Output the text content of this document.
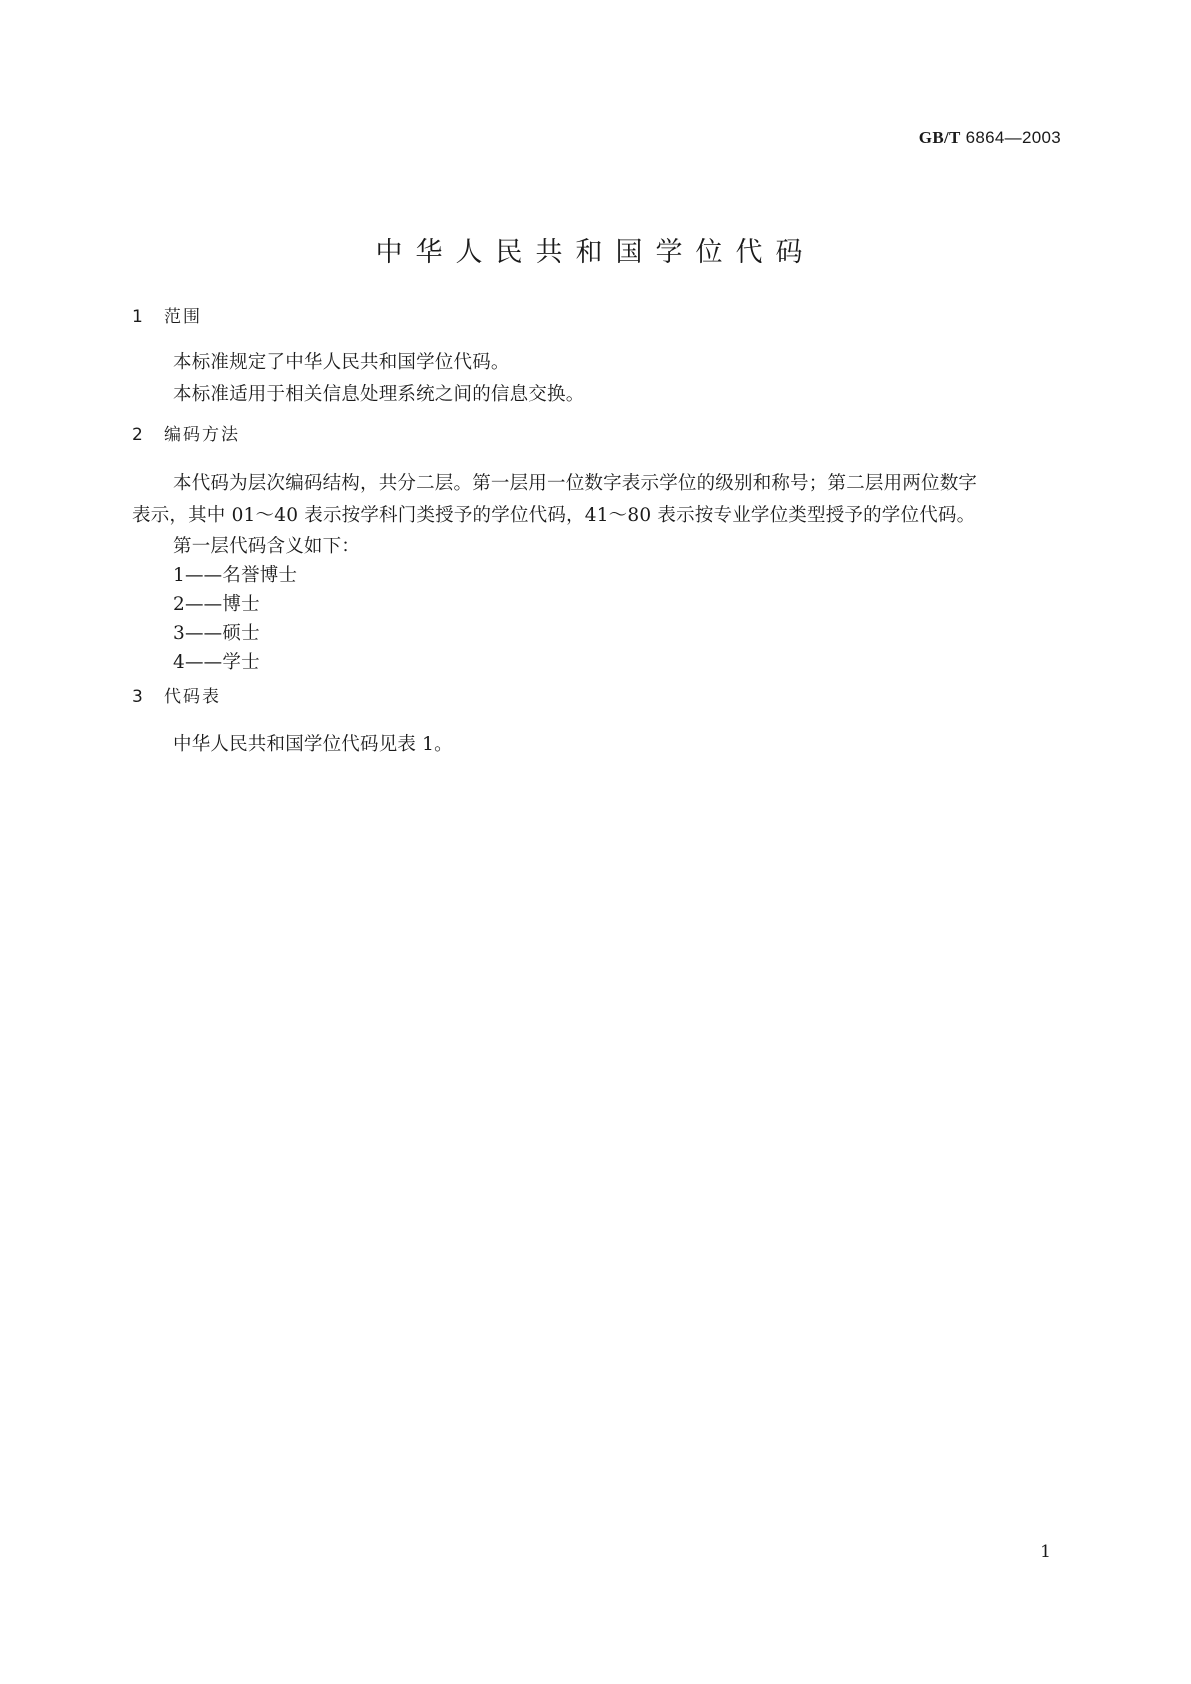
GB/T 6864—2003
中华人民共和国学位代码
1 范围

本标准规定了中华人民共和国学位代码。

本标准适用于相关信息处理系统之间的信息交换。

2 编码方法

本代码为层次编码结构，共分二层。第一层用一位数字表示学位的级别和称号；第二层用两位数字

表示，其中 01～40 表示按学科门类授予的学位代码，41～80 表示按专业学位类型授予的学位代码。

第一层代码含义如下：

1——名誉博士

2——博士

3——硕士

4——学士

3 代码表

中华人民共和国学位代码见表 1。

1
